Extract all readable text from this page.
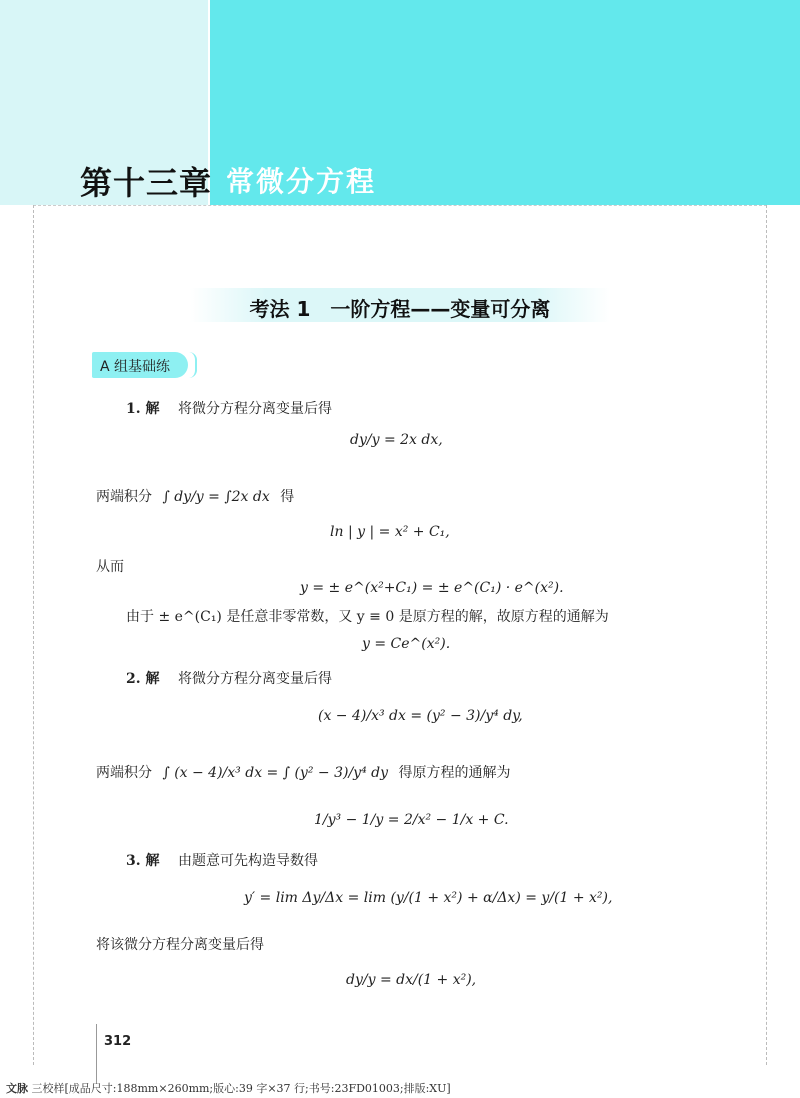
第十三章 常微分方程
考法 1　一阶方程——变量可分离
A 组基础练
1. 解 将微分方程分离变量后得
dy/y = 2x dx,
两端积分 ∫ dy/y = ∫2x dx 得
ln | y | = x² + C₁,
从而
y = ± e^(x²+C₁) = ± e^(C₁) · e^(x²).
由于 ± e^(C₁) 是任意非零常数，又 y ≡ 0 是原方程的解，故原方程的通解为
y = Ce^(x²).
2. 解 将微分方程分离变量后得
(x − 4)/x³ dx = (y² − 3)/y⁴ dy,
两端积分 ∫ (x − 4)/x³ dx = ∫ (y² − 3)/y⁴ dy 得原方程的通解为
1/y³ − 1/y = 2/x² − 1/x + C.
3. 解 由题意可先构造导数得
y′ = lim Δy/Δx = lim (y/(1 + x²) + α/Δx) = y/(1 + x²),
将该微分方程分离变量后得
dy/y = dx/(1 + x²),
312
文脉 三校样[成品尺寸:188mm×260mm;版心:39 字×37 行;书号:23FD01003;排版:XU]
